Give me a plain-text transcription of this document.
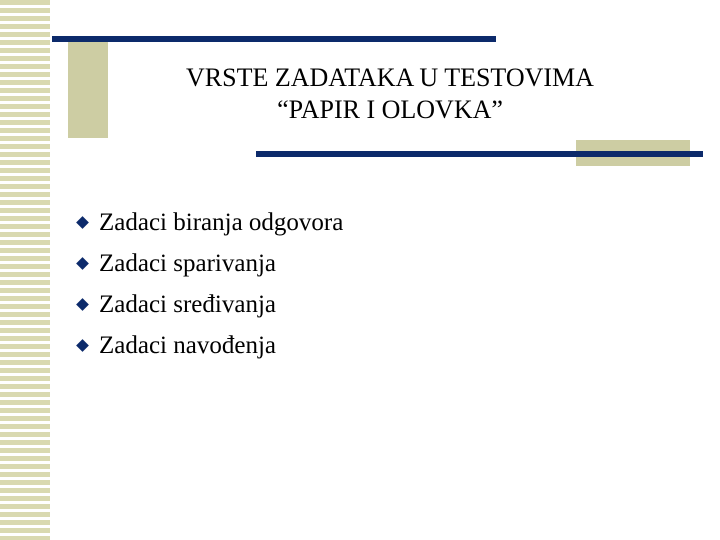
VRSTE ZADATAKA U TESTOVIMA
“PAPIR I OLOVKA”
Zadaci biranja odgovora
Zadaci sparivanja
Zadaci sređivanja
Zadaci navođenja
